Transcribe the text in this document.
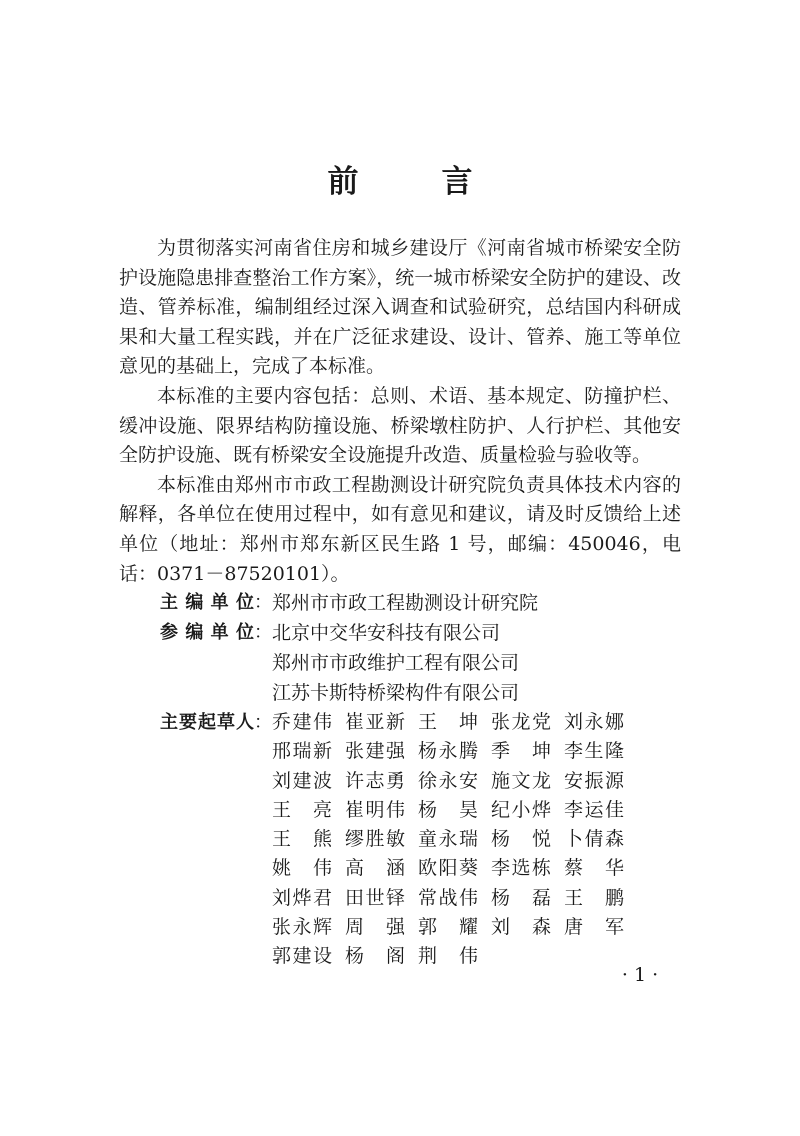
前　言

为贯彻落实河南省住房和城乡建设厅《河南省城市桥梁安全防护设施隐患排查整治工作方案》，统一城市桥梁安全防护的建设、改造、管养标准，编制组经过深入调查和试验研究，总结国内科研成果和大量工程实践，并在广泛征求建设、设计、管养、施工等单位意见的基础上，完成了本标准。

本标准的主要内容包括：总则、术语、基本规定、防撞护栏、缓冲设施、限界结构防撞设施、桥梁墩柱防护、人行护栏、其他安全防护设施、既有桥梁安全设施提升改造、质量检验与验收等。

本标准由郑州市市政工程勘测设计研究院负责具体技术内容的解释，各单位在使用过程中，如有意见和建议，请及时反馈给上述单位（地址：郑州市郑东新区民生路 1 号，邮编：450046，电话：0371－87520101）。

主编单位 ： 郑州市市政工程勘测设计研究院
参编单位 ： 北京中交华安科技有限公司
郑州市市政维护工程有限公司
江苏卡斯特桥梁构件有限公司
主要起草人 ： 乔建伟 崔亚新 王坤 张龙党 刘永娜
邢瑞新 张建强 杨永腾 季坤 李生隆
刘建波 许志勇 徐永安 施文龙 安振源
王亮 崔明伟 杨昊 纪小烨 李运佳
王熊 缪胜敏 童永瑞 杨悦 卜倩森
姚伟 高涵 欧阳葵 李选栋 蔡华
刘烨君 田世铎 常战伟 杨磊 王鹏
张永辉 周强 郭耀 刘森 唐军
郭建设 杨阁 荆伟
· 1 ·
